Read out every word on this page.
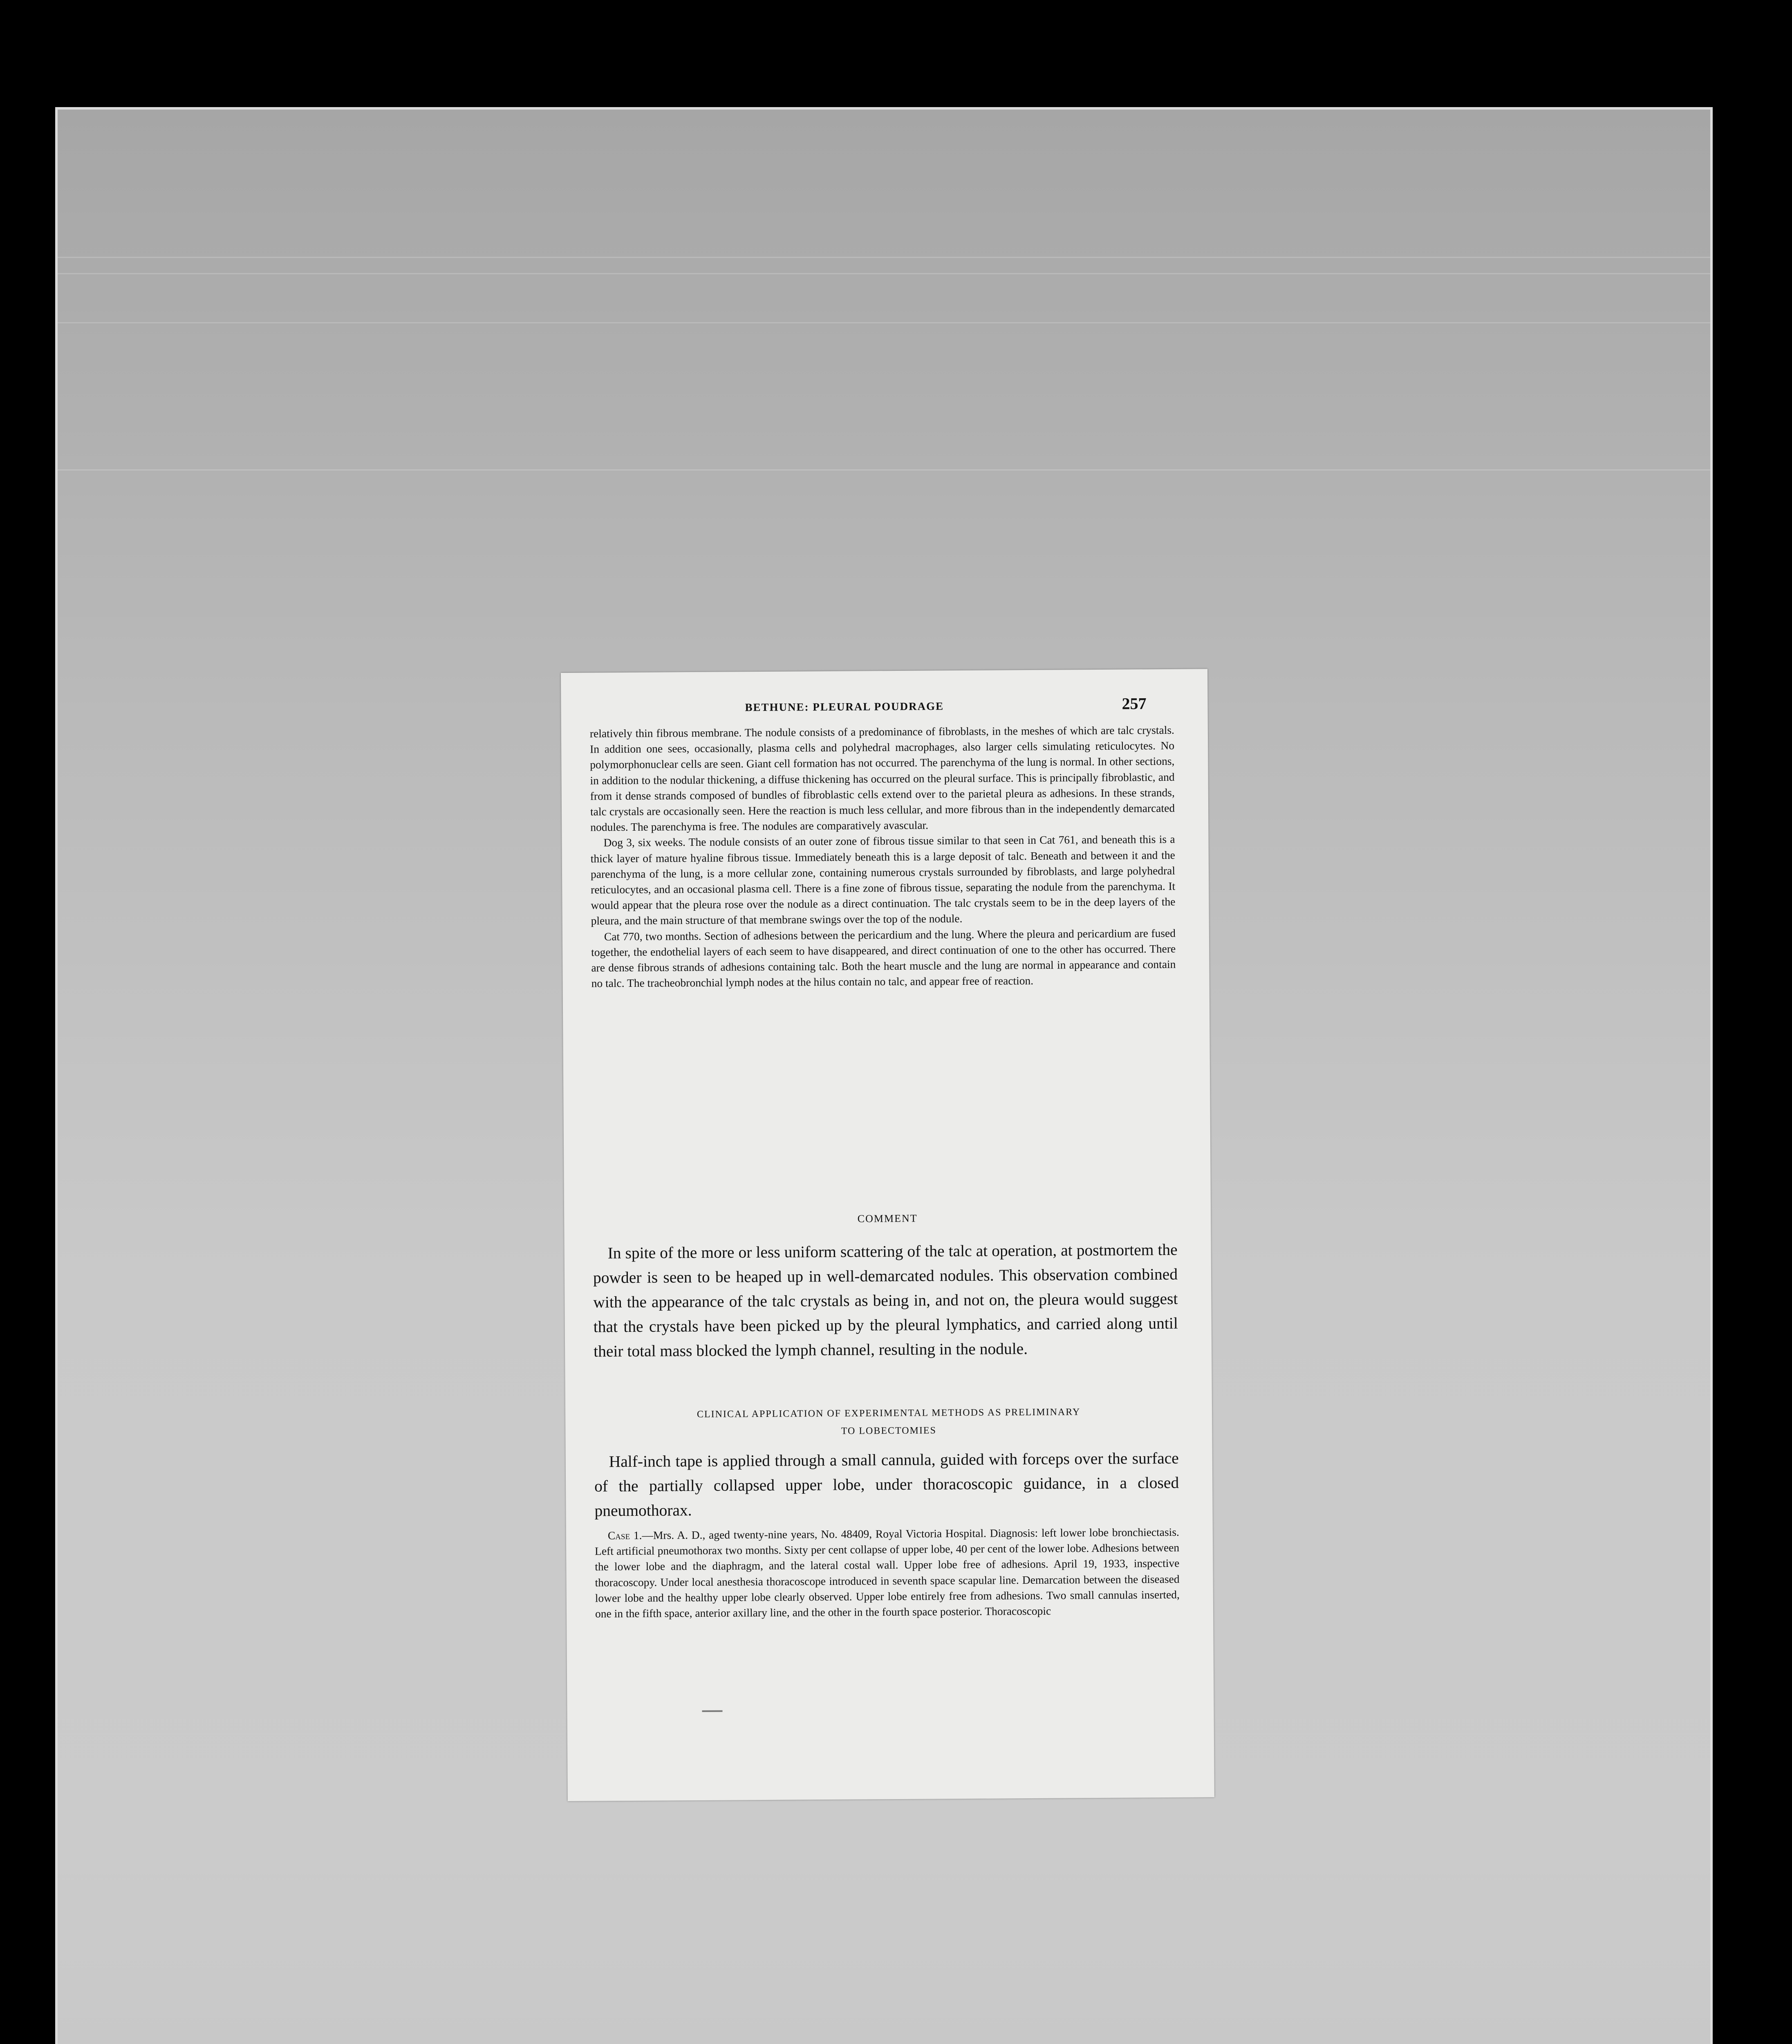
BETHUNE: PLEURAL POUDRAGE	257

relatively thin fibrous membrane. The nodule consists of a predominance of fibroblasts, in the meshes of which are talc crystals. In addition one sees, occasionally, plasma cells and polyhedral macrophages, also larger cells simulating reticulocytes. No polymorphonuclear cells are seen. Giant cell formation has not occurred. The parenchyma of the lung is normal. In other sections, in addition to the nodular thickening, a diffuse thickening has occurred on the pleural surface. This is principally fibroblastic, and from it dense strands composed of bundles of fibroblastic cells extend over to the parietal pleura as adhesions. In these strands, talc crystals are occasionally seen. Here the reaction is much less cellular, and more fibrous than in the independently demarcated nodules. The parenchyma is free. The nodules are comparatively avascular.

Dog 3, six weeks. The nodule consists of an outer zone of fibrous tissue similar to that seen in Cat 761, and beneath this is a thick layer of mature hyaline fibrous tissue. Immediately beneath this is a large deposit of talc. Beneath and between it and the parenchyma of the lung, is a more cellular zone, containing numerous crystals surrounded by fibroblasts, and large polyhedral reticulocytes, and an occasional plasma cell. There is a fine zone of fibrous tissue, separating the nodule from the parenchyma. It would appear that the pleura rose over the nodule as a direct continuation. The talc crystals seem to be in the deep layers of the pleura, and the main structure of that membrane swings over the top of the nodule.

Cat 770, two months. Section of adhesions between the pericardium and the lung. Where the pleura and pericardium are fused together, the endothelial layers of each seem to have disappeared, and direct continuation of one to the other has occurred. There are dense fibrous strands of adhesions containing talc. Both the heart muscle and the lung are normal in appearance and contain no talc. The tracheobronchial lymph nodes at the hilus contain no talc, and appear free of reaction.

COMMENT

In spite of the more or less uniform scattering of the talc at operation, at postmortem the powder is seen to be heaped up in well-demarcated nodules. This observation combined with the appearance of the talc crystals as being in, and not on, the pleura would suggest that the crystals have been picked up by the pleural lymphatics, and carried along until their total mass blocked the lymph channel, resulting in the nodule.

CLINICAL APPLICATION OF EXPERIMENTAL METHODS AS PRELIMINARY
TO LOBECTOMIES

Half-inch tape is applied through a small cannula, guided with forceps over the surface of the partially collapsed upper lobe, under thoracoscopic guidance, in a closed pneumothorax.

Case 1.—Mrs. A. D., aged twenty-nine years, No. 48409, Royal Victoria Hospital. Diagnosis: left lower lobe bronchiectasis. Left artificial pneumothorax two months. Sixty per cent collapse of upper lobe, 40 per cent of the lower lobe. Adhesions between the lower lobe and the diaphragm, and the lateral costal wall. Upper lobe free of adhesions. April 19, 1933, inspective thoracoscopy. Under local anesthesia thoracoscope introduced in seventh space scapular line. Demarcation between the diseased lower lobe and the healthy upper lobe clearly observed. Upper lobe entirely free from adhesions. Two small cannulas inserted, one in the fifth space, anterior axillary line, and the other in the fourth space posterior. Thoracoscopic
